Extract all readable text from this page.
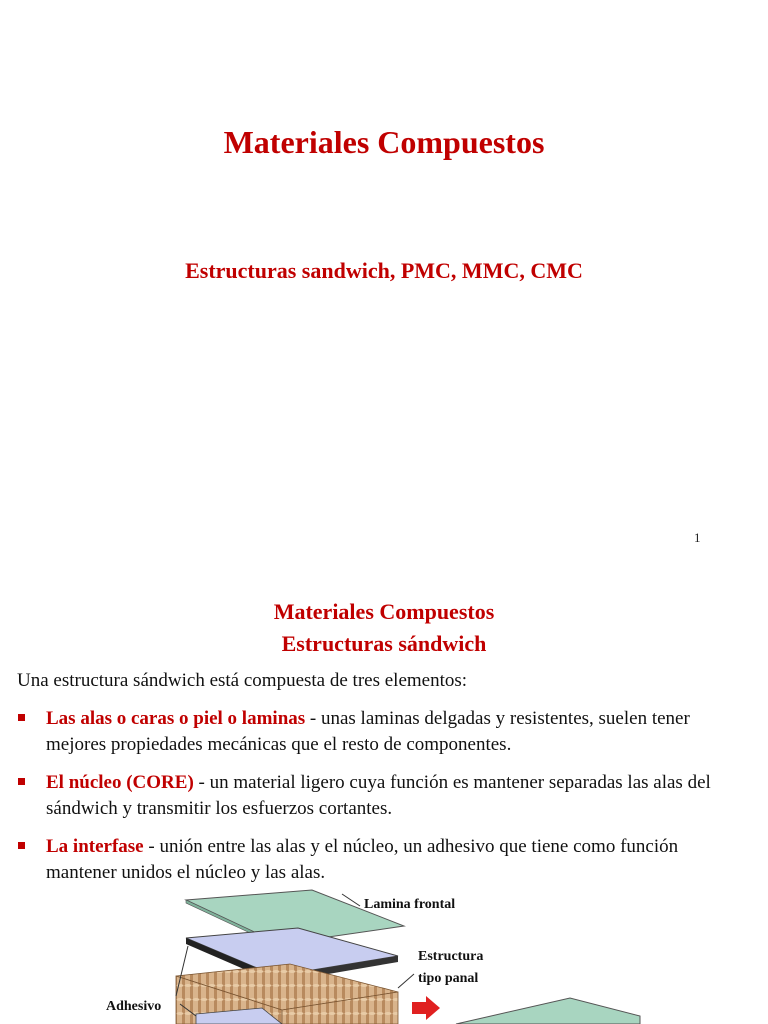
Materiales Compuestos
Estructuras sandwich, PMC, MMC, CMC
1
Materiales Compuestos
Estructuras sándwich
Una estructura sándwich está compuesta de tres elementos:
Las alas o caras o piel o laminas - unas laminas delgadas y resistentes, suelen tener mejores propiedades mecánicas que el resto de componentes.
El núcleo (CORE) - un material ligero cuya función es mantener separadas las alas del sándwich y transmitir los esfuerzos cortantes.
La interfase - unión entre las alas y el núcleo, un adhesivo que tiene como función mantener unidos el núcleo y las alas.
Lamina frontal
Estructura
tipo panal
Adhesivo
